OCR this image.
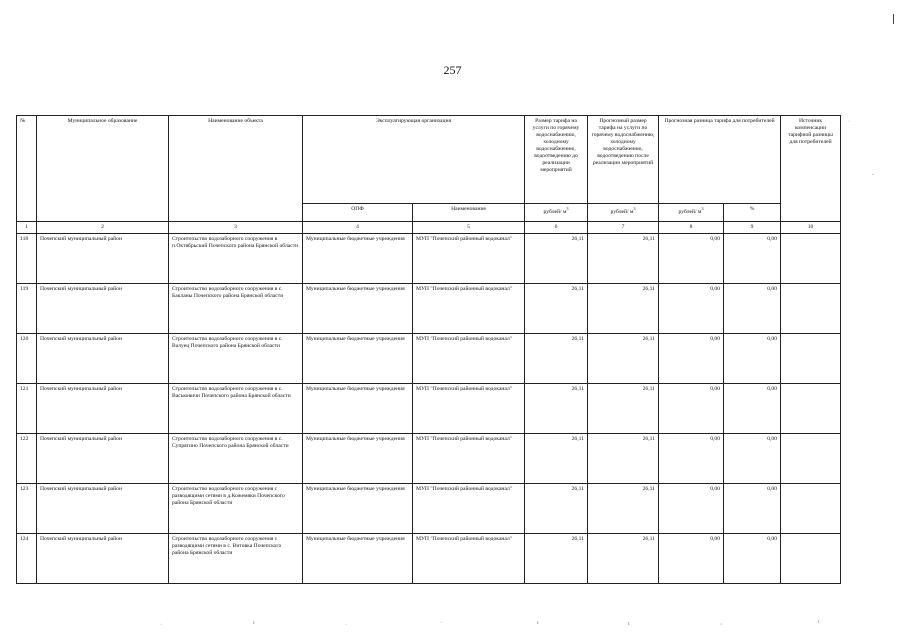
257
№	Муниципальное образование	Наименование объекта	Эксплуатирующая организация		Размер тарифа на услуги по горячему водоснабжению, холодному водоснабжению, водоотведению до реализации мероприятий	Прогнозный размер тарифа на услуги по горячему водоснабжению, холодному водоснабжению, водоотведению после реализации мероприятий	Прогнозная разница тарифа для потребителей		Источник компенсации тарифной разницы для потребителей
			ОПФ	Наименование	рублей/ $м^3$	рублей/ $м^3$	рублей/ $м^3$	%	
1	2	3	4	5	6	7	8	9	10
118	Почепский муниципальный район	Строительство водозаборного сооружения в п.Октябрьский Почепского района Брянской области	Муниципальные бюджетные учреждения	МУП "Почепский районный водоканал"	26,11	26,11	0,00	0,00	
119	Почепский муниципальный район	Строительство водозаборного сооружения в с. Бакланы Почепского района Брянской области	Муниципальные бюджетные учреждения	МУП "Почепский районный водоканал"	26,11	26,11	0,00	0,00	
120	Почепский муниципальный район	Строительство водозаборного сооружения в с. Валуец Почепского района Брянской области	Муниципальные бюджетные учреждения	МУП "Почепский районный водоканал"	26,11	26,11	0,00	0,00	
121	Почепский муниципальный район	Строительство водозаборного сооружения в с. Васьковичи Почепского района Брянской области	Муниципальные бюджетные учреждения	МУП "Почепский районный водоканал"	26,11	26,11	0,00	0,00	
122	Почепский муниципальный район	Строительство водозаборного сооружения в с. Супрягино Почепского района Брянской области	Муниципальные бюджетные учреждения	МУП "Почепский районный водоканал"	26,11	26,11	0,00	0,00	
123	Почепский муниципальный район	Строительство водозаборного сооружения с разводящими сетями в д.Кожемяки Почепского района Брянской области	Муниципальные бюджетные учреждения	МУП "Почепский районный водоканал"	26,11	26,11	0,00	0,00	
124	Почепский муниципальный район	Строительство водозаборного сооружения с разводящими сетями в с. Витовка Почепского района Брянской области	Муниципальные бюджетные учреждения	МУП "Почепский районный водоканал"	26,11	26,11	0,00	0,00	
·	ı	·	·	ı	ı	‚	ı
·
-
